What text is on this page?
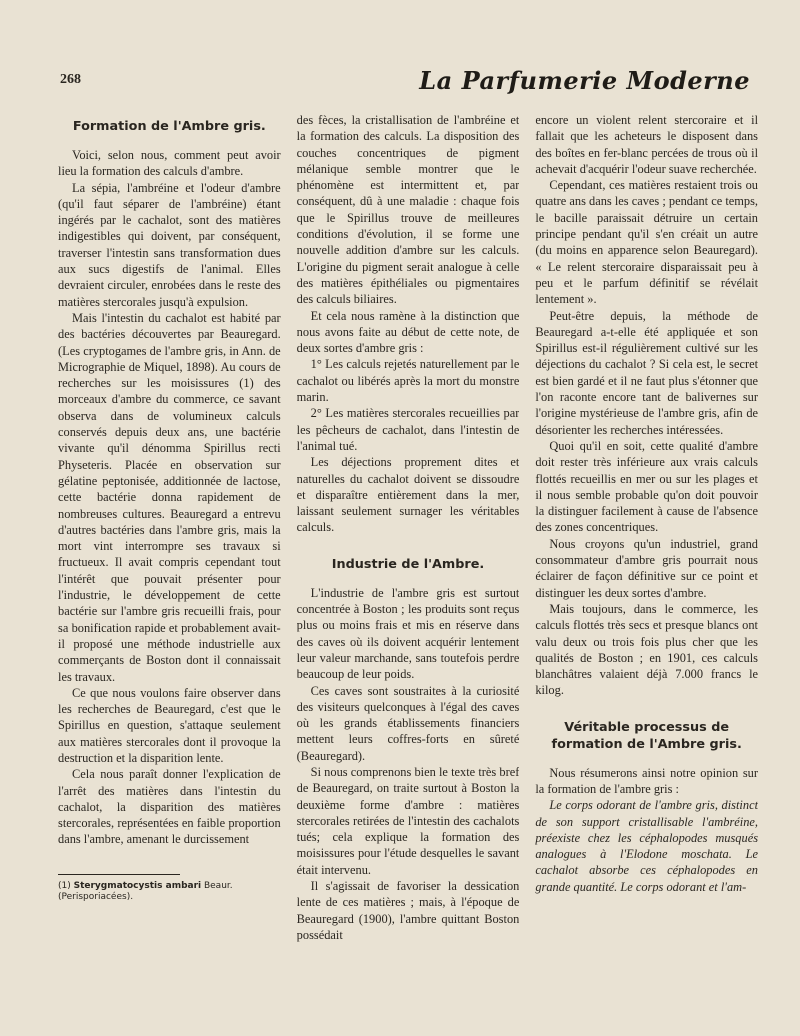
268	La Parfumerie Moderne
Formation de l'Ambre gris.

Voici, selon nous, comment peut avoir lieu la formation des calculs d'ambre.

La sépia, l'ambréine et l'odeur d'ambre (qu'il faut séparer de l'ambréine) étant ingérés par le cachalot, sont des matières indigestibles qui doivent, par conséquent, traverser l'intestin sans transformation dues aux sucs digestifs de l'animal. Elles devraient circuler, enrobées dans le reste des matières stercorales jusqu'à expulsion.

Mais l'intestin du cachalot est habité par des bactéries découvertes par Beauregard. (Les cryptogames de l'ambre gris, in Ann. de Micrographie de Miquel, 1898). Au cours de recherches sur les moisissures (1) des morceaux d'ambre du commerce, ce savant observa dans de volumineux calculs conservés depuis deux ans, une bactérie vivante qu'il dénomma Spirillus recti Physeteris. Placée en observation sur gélatine peptonisée, additionnée de lactose, cette bactérie donna rapidement de nombreuses cultures. Beauregard a entrevu d'autres bactéries dans l'ambre gris, mais la mort vint interrompre ses travaux si fructueux. Il avait compris cependant tout l'intérêt que pouvait présenter pour l'industrie, le développement de cette bactérie sur l'ambre gris recueilli frais, pour sa bonification rapide et probablement avait-il proposé une méthode industrielle aux commerçants de Boston dont il connaissait les travaux.

Ce que nous voulons faire observer dans les recherches de Beauregard, c'est que le Spirillus en question, s'attaque seulement aux matières stercorales dont il provoque la destruction et la disparition lente.

Cela nous paraît donner l'explication de l'arrêt des matières dans l'intestin du cachalot, la disparition des matières stercorales, représentées en faible proportion dans l'ambre, amenant le durcissement

(1) Sterygmatocystis ambari Beaur. (Perisporiacées).

des fèces, la cristallisation de l'ambréine et la formation des calculs. La disposition des couches concentriques de pigment mélanique semble montrer que le phénomène est intermittent et, par conséquent, dû à une maladie : chaque fois que le Spirillus trouve de meilleures conditions d'évolution, il se forme une nouvelle addition d'ambre sur les calculs. L'origine du pigment serait analogue à celle des matières épithéliales ou pigmentaires des calculs biliaires.

Et cela nous ramène à la distinction que nous avons faite au début de cette note, de deux sortes d'ambre gris :

1° Les calculs rejetés naturellement par le cachalot ou libérés après la mort du monstre marin.

2° Les matières stercorales recueillies par les pêcheurs de cachalot, dans l'intestin de l'animal tué.

Les déjections proprement dites et naturelles du cachalot doivent se dissoudre et disparaître entièrement dans la mer, laissant seulement surnager les véritables calculs.

Industrie de l'Ambre.

L'industrie de l'ambre gris est surtout concentrée à Boston ; les produits sont reçus plus ou moins frais et mis en réserve dans des caves où ils doivent acquérir lentement leur valeur marchande, sans toutefois perdre beaucoup de leur poids.

Ces caves sont soustraites à la curiosité des visiteurs quelconques à l'égal des caves où les grands établissements financiers mettent leurs coffres-forts en sûreté (Beauregard).

Si nous comprenons bien le texte très bref de Beauregard, on traite surtout à Boston la deuxième forme d'ambre : matières stercorales retirées de l'intestin des cachalots tués; cela explique la formation des moisissures pour l'étude desquelles le savant était intervenu.

Il s'agissait de favoriser la dessication lente de ces matières ; mais, à l'époque de Beauregard (1900), l'ambre quittant Boston possédait

encore un violent relent stercoraire et il fallait que les acheteurs le disposent dans des boîtes en fer-blanc percées de trous où il achevait d'acquérir l'odeur suave recherchée.

Cependant, ces matières restaient trois ou quatre ans dans les caves ; pendant ce temps, le bacille paraissait détruire un certain principe pendant qu'il s'en créait un autre (du moins en apparence selon Beauregard). « Le relent stercoraire disparaissait peu à peu et le parfum définitif se révélait lentement ».

Peut-être depuis, la méthode de Beauregard a-t-elle été appliquée et son Spirillus est-il régulièrement cultivé sur les déjections du cachalot ? Si cela est, le secret est bien gardé et il ne faut plus s'étonner que l'on raconte encore tant de balivernes sur l'origine mystérieuse de l'ambre gris, afin de désorienter les recherches intéressées.

Quoi qu'il en soit, cette qualité d'ambre doit rester très inférieure aux vrais calculs flottés recueillis en mer ou sur les plages et il nous semble probable qu'on doit pouvoir la distinguer facilement à cause de l'absence des zones concentriques.

Nous croyons qu'un industriel, grand consommateur d'ambre gris pourrait nous éclairer de façon définitive sur ce point et distinguer les deux sortes d'ambre.

Mais toujours, dans le commerce, les calculs flottés très secs et presque blancs ont valu deux ou trois fois plus cher que les qualités de Boston ; en 1901, ces calculs blanchâtres valaient déjà 7.000 francs le kilog.

Véritable processus de formation de l'Ambre gris.

Nous résumerons ainsi notre opinion sur la formation de l'ambre gris :

Le corps odorant de l'ambre gris, distinct de son support cristallisable l'ambréine, préexiste chez les céphalopodes musqués analogues à l'Elodone moschata. Le cachalot absorbe ces céphalopodes en grande quantité. Le corps odorant et l'am-
